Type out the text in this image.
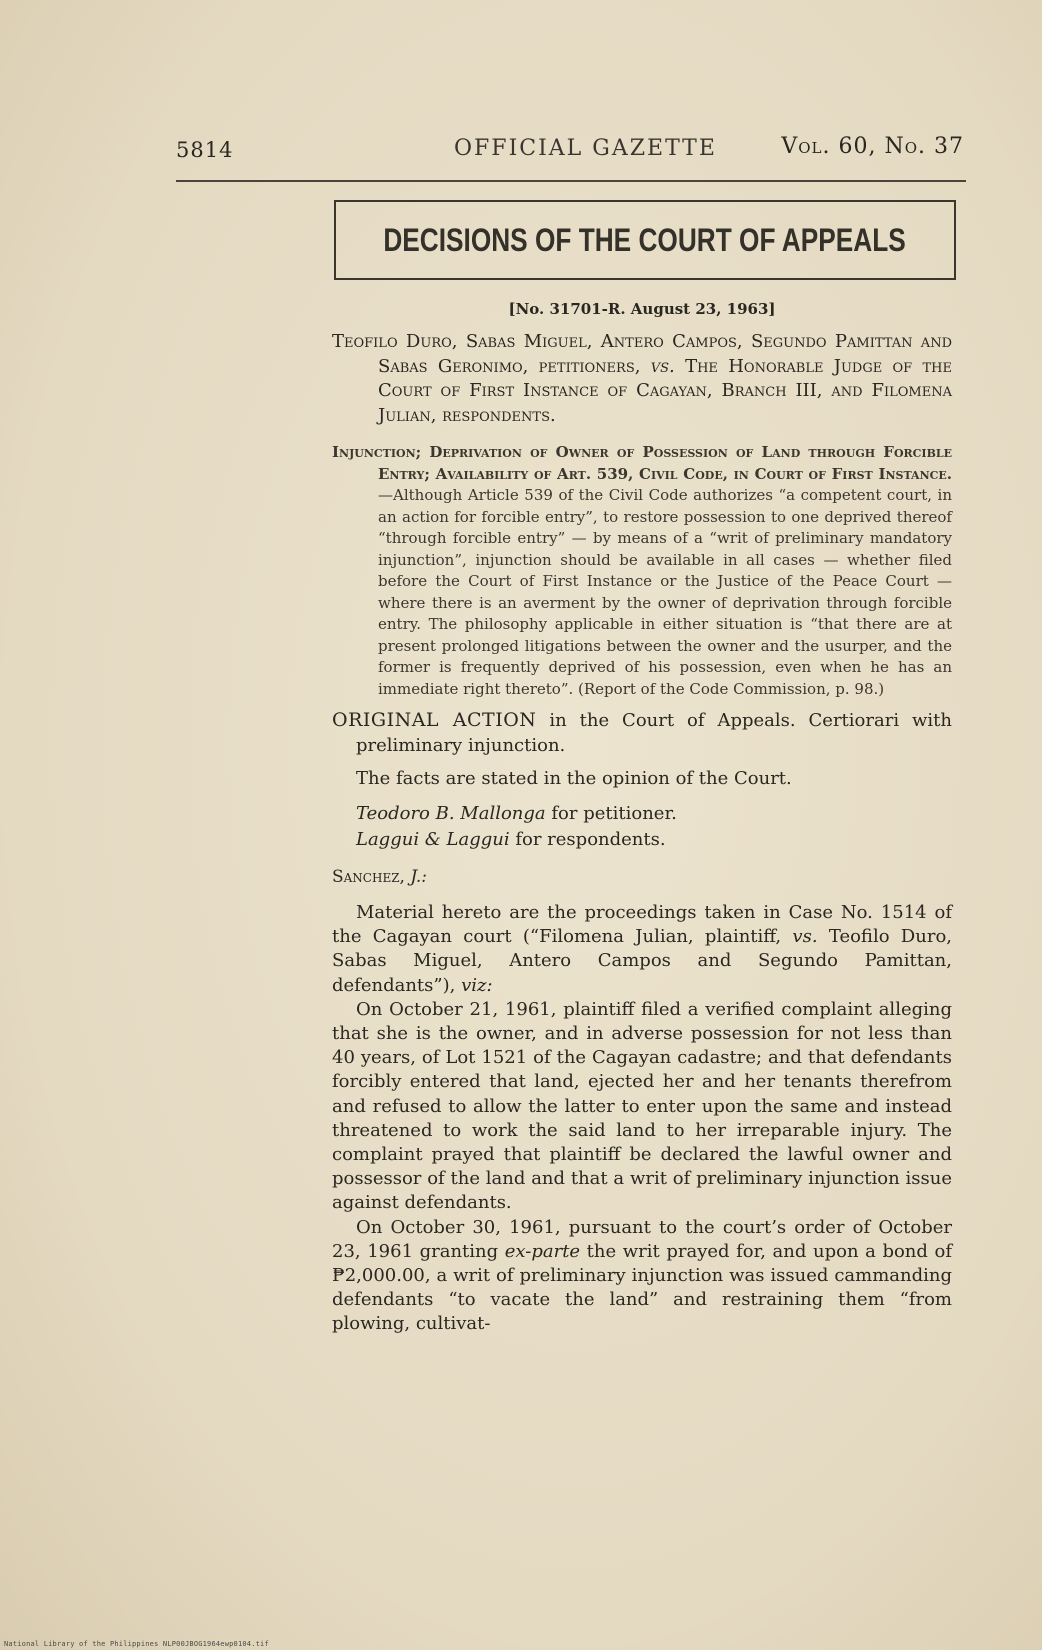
5814	OFFICIAL GAZETTE	Vol. 60, No. 37
DECISIONS OF THE COURT OF APPEALS

[No. 31701-R. August 23, 1963]

Teofilo Duro, Sabas Miguel, Antero Campos, Segundo Pamittan and Sabas Geronimo, petitioners, vs. The Honorable Judge of the Court of First Instance of Cagayan, Branch III, and Filomena Julian, respondents.

Injunction; Deprivation of Owner of Possession of Land through Forcible Entry; Availability of Art. 539, Civil Code, in Court of First Instance.—Although Article 539 of the Civil Code authorizes “a competent court, in an action for forcible entry”, to restore possession to one deprived thereof “through forcible entry” — by means of a “writ of preliminary mandatory injunction”, injunction should be available in all cases — whether filed before the Court of First Instance or the Justice of the Peace Court — where there is an averment by the owner of deprivation through forcible entry. The philosophy applicable in either situation is “that there are at present prolonged litigations between the owner and the usurper, and the former is frequently deprived of his possession, even when he has an immediate right thereto”. (Report of the Code Commission, p. 98.)

ORIGINAL ACTION in the Court of Appeals. Certiorari with preliminary injunction.

The facts are stated in the opinion of the Court.

Teodoro B. Mallonga for petitioner.
Laggui & Laggui for respondents.

Sanchez, J.:

Material hereto are the proceedings taken in Case No. 1514 of the Cagayan court (“Filomena Julian, plaintiff, vs. Teofilo Duro, Sabas Miguel, Antero Campos and Segundo Pamittan, defendants”), viz:

On October 21, 1961, plaintiff filed a verified complaint alleging that she is the owner, and in adverse possession for not less than 40 years, of Lot 1521 of the Cagayan cadastre; and that defendants forcibly entered that land, ejected her and her tenants therefrom and refused to allow the latter to enter upon the same and instead threatened to work the said land to her irreparable injury. The complaint prayed that plaintiff be declared the lawful owner and possessor of the land and that a writ of preliminary injunction issue against defendants.

On October 30, 1961, pursuant to the court’s order of October 23, 1961 granting ex-parte the writ prayed for, and upon a bond of ₱2,000.00, a writ of preliminary injunction was issued cammanding defendants “to vacate the land” and restraining them “from plowing, cultivat-

National Library of the Philippines NLP00JBOG1964ewp0104.tif
